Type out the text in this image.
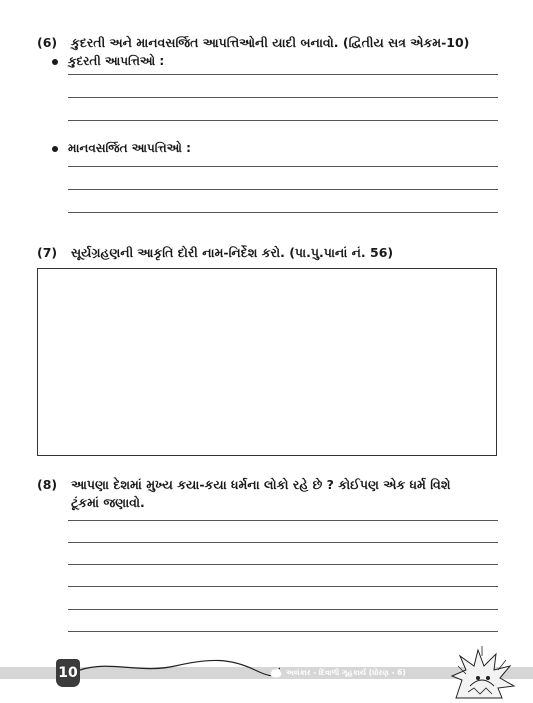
(6) કુદરતી અને માનવસર્જિત આપત્તિઓની યાદી બનાવો. (દ્વિતીય સત્ર એકમ-10)
કુદરતી આપત્તિઓ :
માનવસર્જિત આપત્તિઓ :
(7) સૂર્યગ્રહણની આકૃતિ દોરી નામ-નિર્દેશ કરો. (પા.પુ.પાનાં નં. 56)
(8) આપણા દેશમાં મુખ્ય કયા-કયા ધર્મના લોકો રહે છે ? કોઈપણ એક ધર્મ વિશે
ટૂંકમાં જણાવો.
10	અલંકાર - દિવાળી ગૃહકાર્ય (ધોરણ - 6)
